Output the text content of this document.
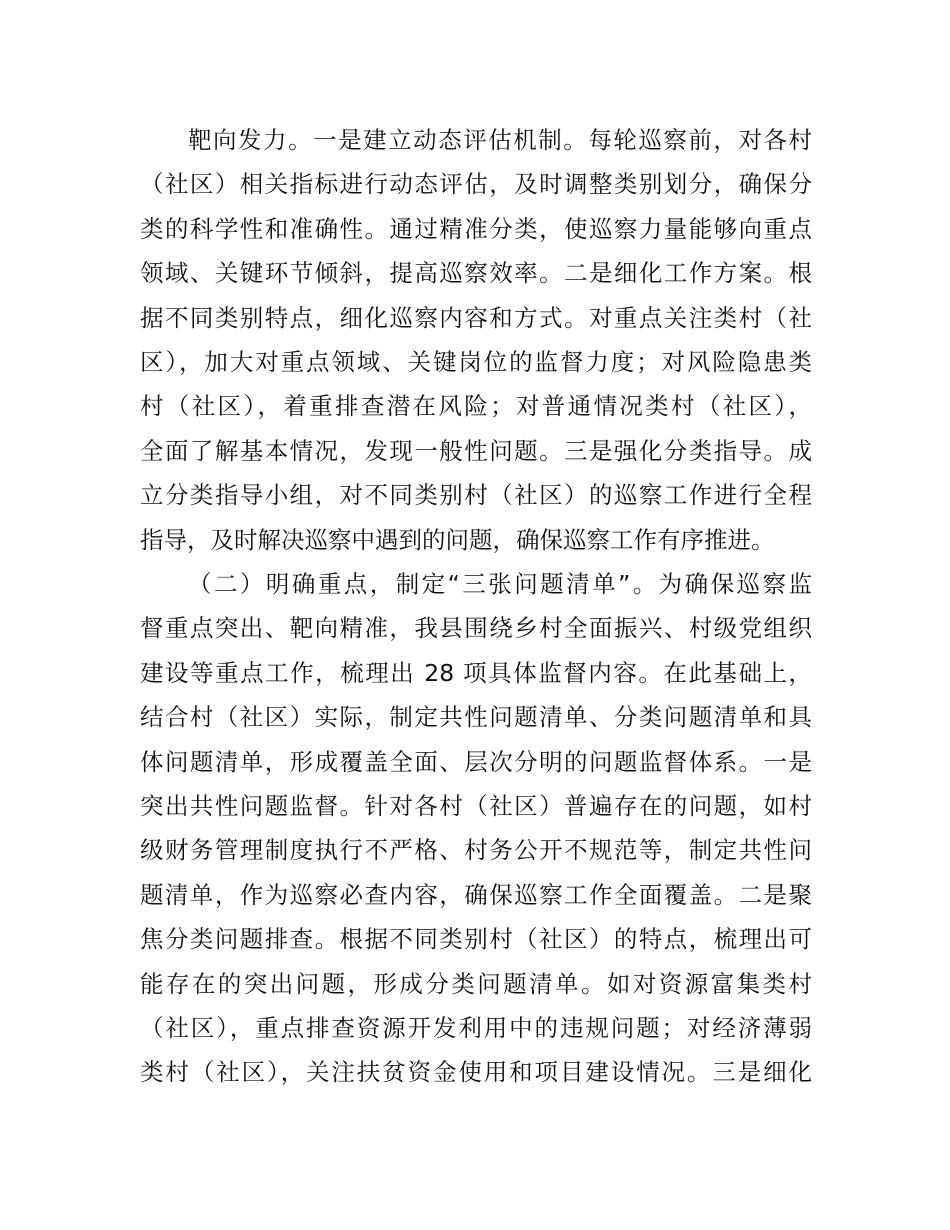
靶向发力。一是建立动态评估机制。每轮巡察前，对各村
（社区）相关指标进行动态评估，及时调整类别划分，确保分
类的科学性和准确性。通过精准分类，使巡察力量能够向重点
领域、关键环节倾斜，提高巡察效率。二是细化工作方案。根
据不同类别特点，细化巡察内容和方式。对重点关注类村（社
区），加大对重点领域、关键岗位的监督力度；对风险隐患类
村（社区），着重排查潜在风险；对普通情况类村（社区），
全面了解基本情况，发现一般性问题。三是强化分类指导。成
立分类指导小组，对不同类别村（社区）的巡察工作进行全程
指导，及时解决巡察中遇到的问题，确保巡察工作有序推进。
（二）明确重点，制定“三张问题清单”。为确保巡察监
督重点突出、靶向精准，我县围绕乡村全面振兴、村级党组织
建设等重点工作，梳理出 28 项具体监督内容。在此基础上，
结合村（社区）实际，制定共性问题清单、分类问题清单和具
体问题清单，形成覆盖全面、层次分明的问题监督体系。一是
突出共性问题监督。针对各村（社区）普遍存在的问题，如村
级财务管理制度执行不严格、村务公开不规范等，制定共性问
题清单，作为巡察必查内容，确保巡察工作全面覆盖。二是聚
焦分类问题排查。根据不同类别村（社区）的特点，梳理出可
能存在的突出问题，形成分类问题清单。如对资源富集类村
（社区），重点排查资源开发利用中的违规问题；对经济薄弱
类村（社区），关注扶贫资金使用和项目建设情况。三是细化
